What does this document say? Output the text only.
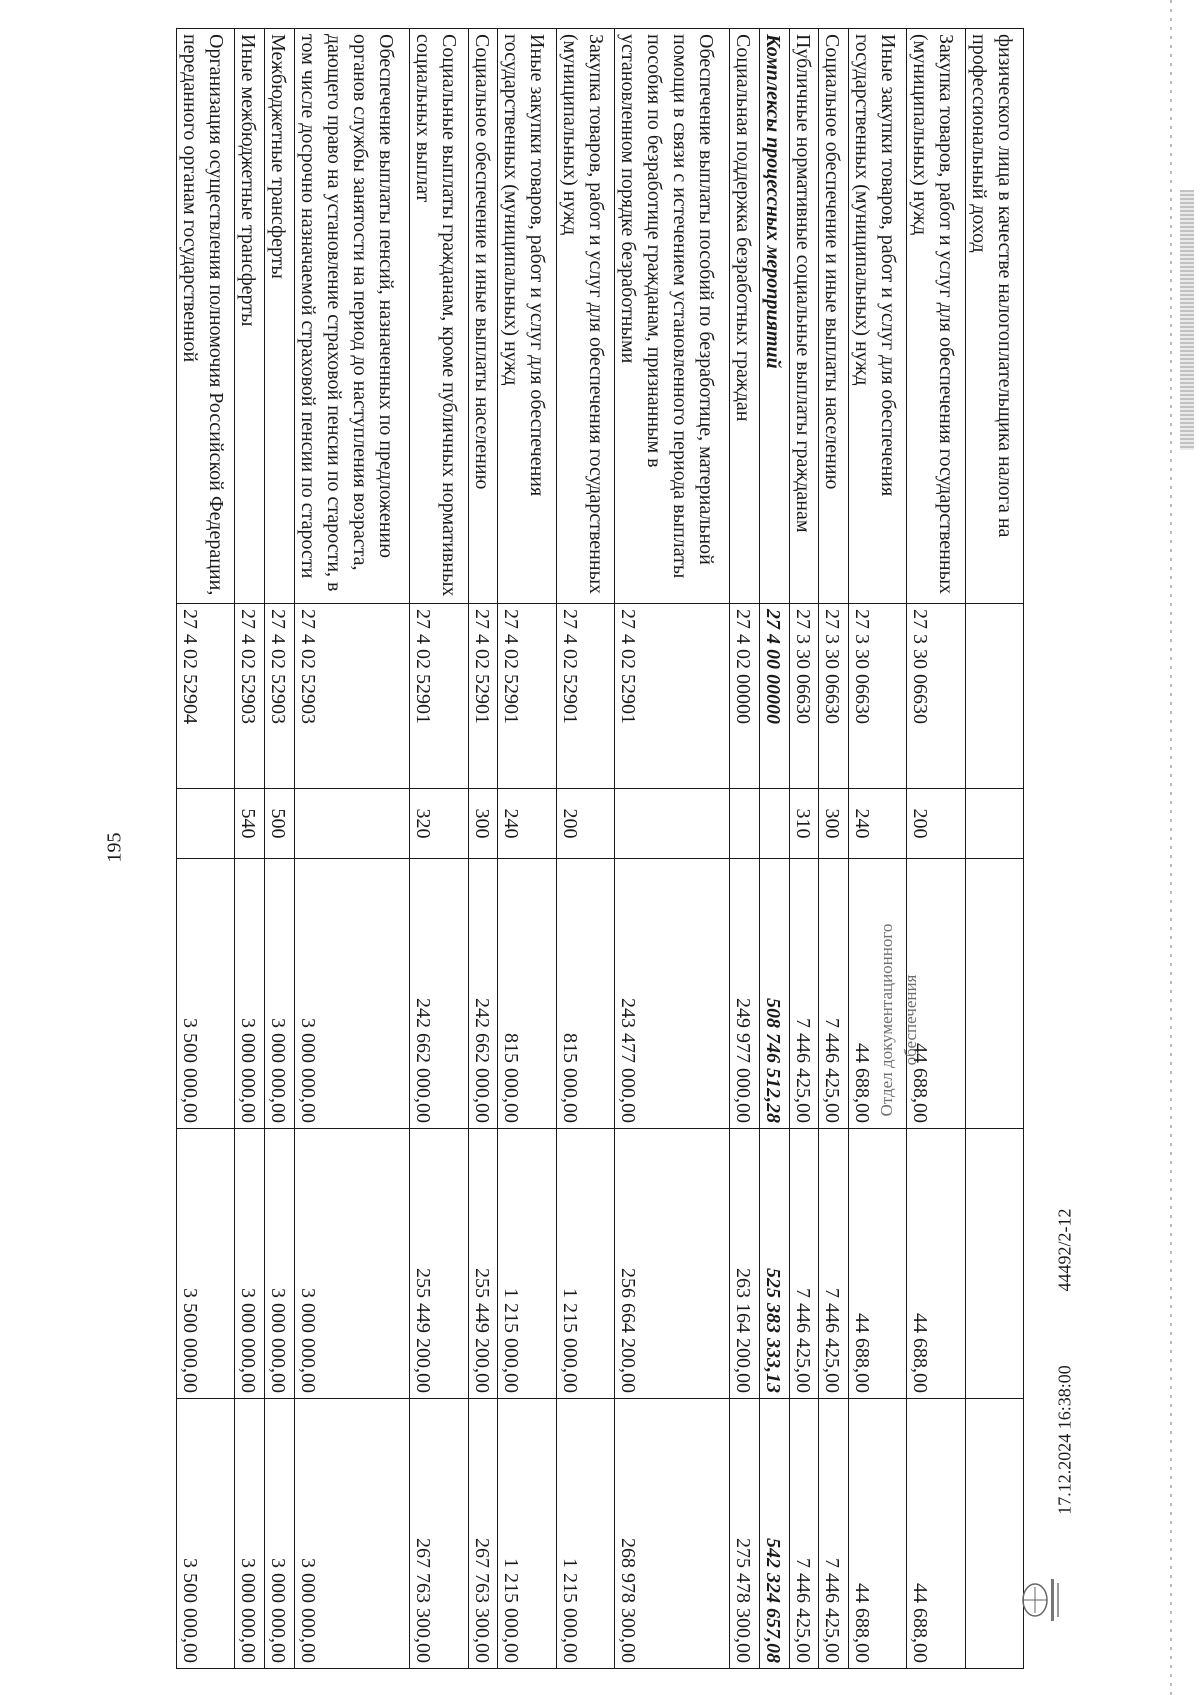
195
физического лица в качестве налогоплательщика налога на профессиональный доход					
Закупка товаров, работ и услуг для обеспечения государственных (муниципальных) нужд	27 3 30 06630	200	44 688,00	44 688,00	44 688,00
Иные закупки товаров, работ и услуг для обеспечения государственных (муниципальных) нужд	27 3 30 06630	240	44 688,00	44 688,00	44 688,00
Социальное обеспечение и иные выплаты населению	27 3 30 06630	300	7 446 425,00	7 446 425,00	7 446 425,00
Публичные нормативные социальные выплаты гражданам	27 3 30 06630	310	7 446 425,00	7 446 425,00	7 446 425,00
Комплексы процессных мероприятий	27 4 00 00000		508 746 512,28	525 383 333,13	542 324 657,08
Социальная поддержка безработных граждан	27 4 02 00000		249 977 000,00	263 164 200,00	275 478 300,00
Обеспечение выплаты пособий по безработице, материальной помощи в связи с истечением установленного периода выплаты пособия по безработице гражданам, признанным в установленном порядке безработными	27 4 02 52901		243 477 000,00	256 664 200,00	268 978 300,00
Закупка товаров, работ и услуг для обеспечения государственных (муниципальных) нужд	27 4 02 52901	200	815 000,00	1 215 000,00	1 215 000,00
Иные закупки товаров, работ и услуг для обеспечения государственных (муниципальных) нужд	27 4 02 52901	240	815 000,00	1 215 000,00	1 215 000,00
Социальное обеспечение и иные выплаты населению	27 4 02 52901	300	242 662 000,00	255 449 200,00	267 763 300,00
Социальные выплаты гражданам, кроме публичных нормативных социальных выплат	27 4 02 52901	320	242 662 000,00	255 449 200,00	267 763 300,00
Обеспечение выплаты пенсий, назначенных по предложению органов службы занятости на период до наступления возраста, дающего право на установление страховой пенсии по старости, в том числе досрочно назначаемой страховой пенсии по старости	27 4 02 52903		3 000 000,00	3 000 000,00	3 000 000,00
Межбюджетные трансферты	27 4 02 52903	500	3 000 000,00	3 000 000,00	3 000 000,00
Иные межбюджетные трансферты	27 4 02 52903	540	3 000 000,00	3 000 000,00	3 000 000,00
Организация осуществления полномочия Российской Федерации, переданного органам государственной	27 4 02 52904		3 500 000,00	3 500 000,00	3 500 000,00
Отдел документационного обеспечения
17.12.2024 16:38:00
44492/2-12
